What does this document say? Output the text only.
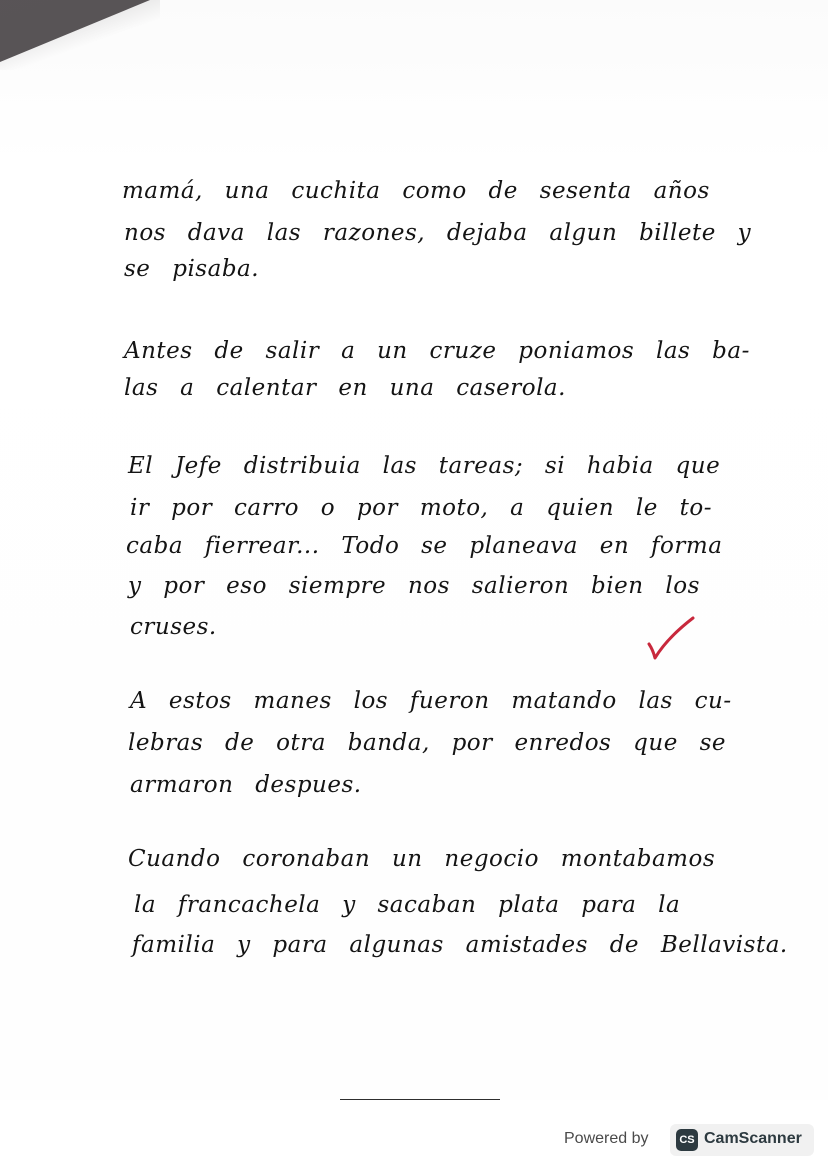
mamá, una cuchita como de sesenta años

nos dava las razones, dejaba algun billete y

se pisaba.

Antes de salir a un cruze poniamos las ba-

las a calentar en una caserola.

El Jefe distribuia las tareas; si habia que

ir por carro o por moto, a quien le to-

caba fierrear... Todo se planeava en forma

y por eso siempre nos salieron bien los

cruses.

A estos manes los fueron matando las cu-

lebras de otra banda, por enredos que se

armaron despues.

Cuando coronaban un negocio montabamos

la francachela y sacaban plata para la

familia y para algunas amistades de Bellavista.

Powered by	CS CamScanner
